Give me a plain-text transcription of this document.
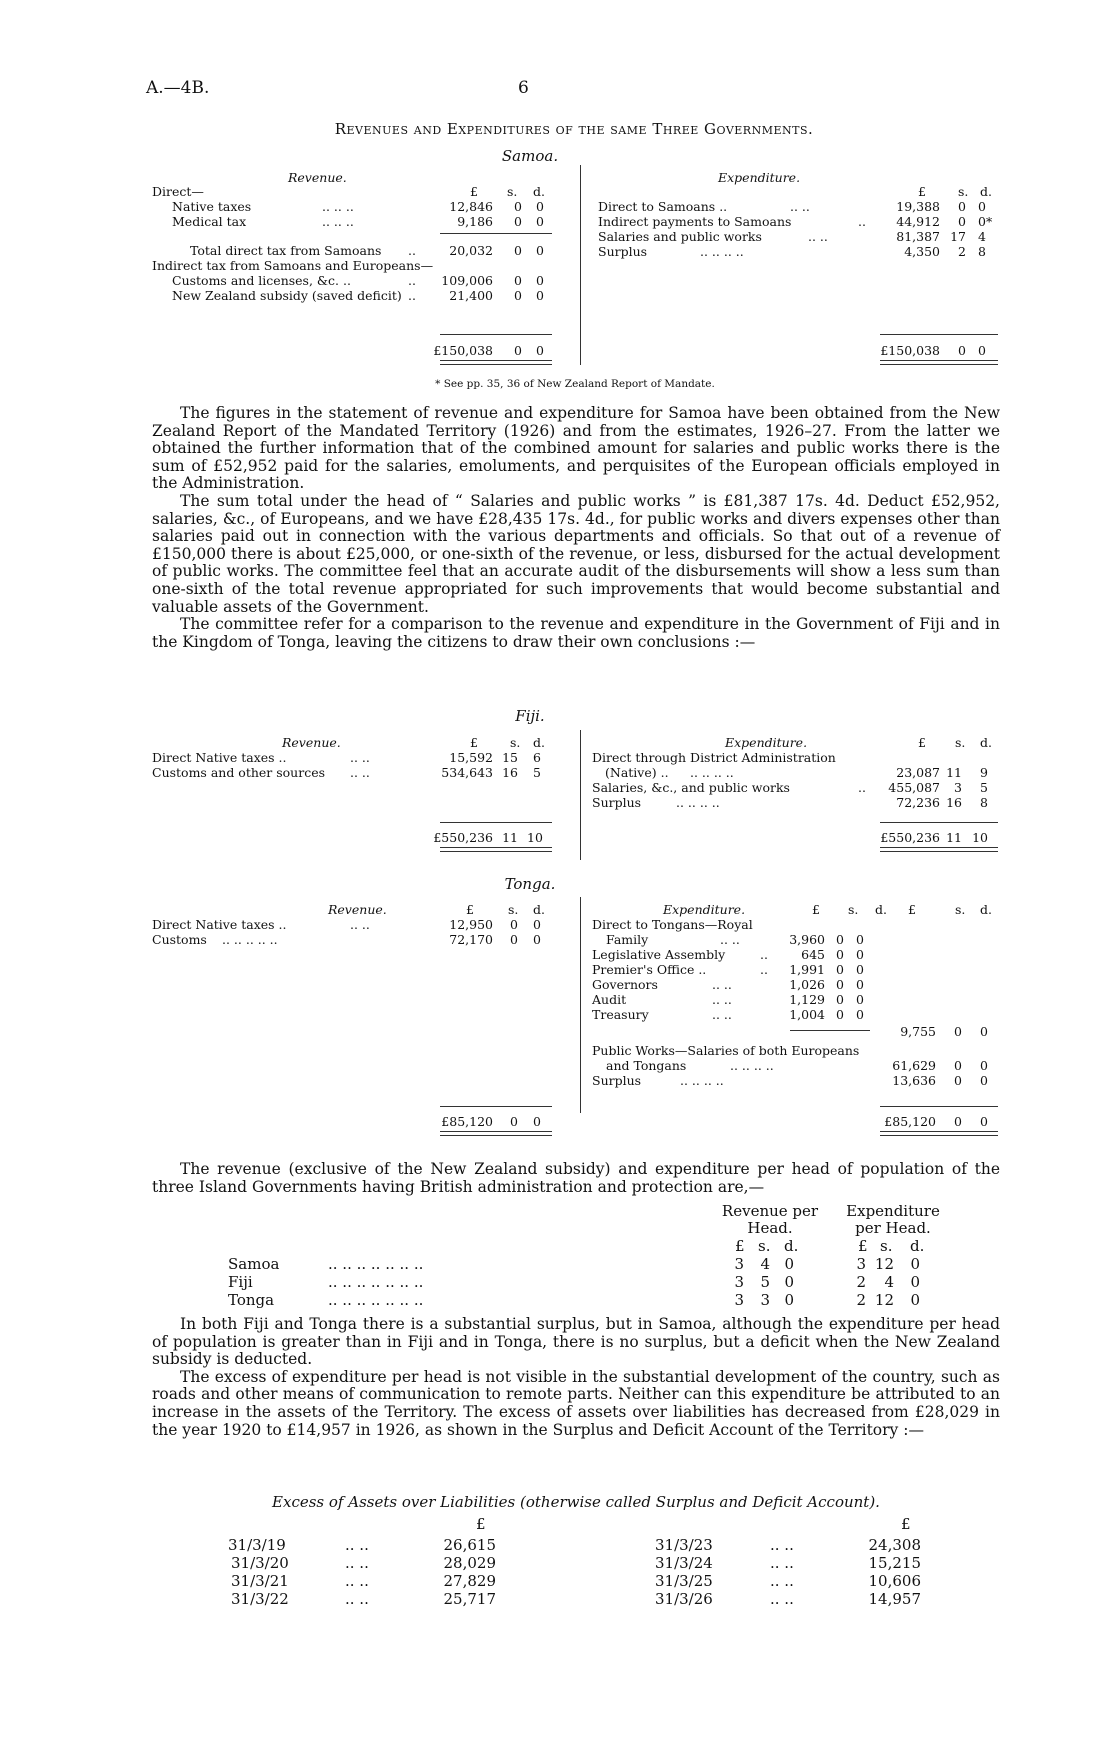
A.—4B.	6
Revenues and Expenditures of the same Three Governments.
Samoa.
Revenue.	Expenditure.
Direct—	£ s. d.
Native taxes	.. .. ..	12,846	0	0
Medical tax	.. .. ..	9,186	0	0
Total direct tax from Samoans ..	20,032	0	0
Indirect tax from Samoans and Europeans—
Customs and licenses, &c. ..	..	109,006	0	0
New Zealand subsidy (saved deficit) ..	21,400	0	0
£150,038	0	0
£	s. d.
Direct to Samoans ..	.. ..	19,388	0 0
Indirect payments to Samoans	..	44,912	0 0*
Salaries and public works	.. ..	81,387 17 4
Surplus	.. .. .. ..	4,350	2 8
£150,038	0 0
* See pp. 35, 36 of New Zealand Report of Mandate.

The figures in the statement of revenue and expenditure for Samoa have been obtained from the New Zealand Report of the Mandated Territory (1926) and from the estimates, 1926–27. From the latter we obtained the further information that of the combined amount for salaries and public works there is the sum of £52,952 paid for the salaries, emoluments, and perquisites of the European officials employed in the Administration.

The sum total under the head of “ Salaries and public works ” is £81,387 17s. 4d. Deduct £52,952, salaries, &c., of Europeans, and we have £28,435 17s. 4d., for public works and divers expenses other than salaries paid out in connection with the various departments and officials. So that out of a revenue of £150,000 there is about £25,000, or one-sixth of the revenue, or less, disbursed for the actual development of public works. The committee feel that an accurate audit of the disbursements will show a less sum than one-sixth of the total revenue appropriated for such improvements that would become substantial and valuable assets of the Government.

The committee refer for a comparison to the revenue and expenditure in the Government of Fiji and in the Kingdom of Tonga, leaving the citizens to draw their own conclusions :—

Fiji.
Revenue.	£	s. d.
Direct Native taxes ..	.. ..	15,592 15	6
Customs and other sources .. ..	534,643 16	5
£550,236 11 10
Expenditure.	£ s. d.
Direct through District Administration
(Native) .. .. .. .. ..	23,087 11	9
Salaries, &c., and public works	..	455,087	3	5
Surplus	.. .. .. ..	72,236 16	8
£550,236 11 10
Tonga.
Revenue.	£	s. d.
Direct Native taxes ..	.. ..	12,950	0	0
Customs .. .. .. .. ..	72,170	0	0
£85,120	0	0
Expenditure.	£ s. d. £	s. d.
Direct to Tongans—Royal
Family	.. ..	3,960 0 0
Legislative Assembly	..	645 0 0
Premier's Office ..	..	1,991 0 0
Governors	.. ..	1,026 0 0
Audit	.. ..	1,129 0 0
Treasury	.. ..	1,004 0 0
9,755	0	0
Public Works—Salaries of both Europeans
and Tongans	.. .. .. ..	61,629	0	0
Surplus	.. .. .. ..	13,636	0	0
£85,120	0	0

The revenue (exclusive of the New Zealand subsidy) and expenditure per head of population of the three Island Governments having British administration and protection are,—

Revenue per
Head.
Expenditure
per Head.
£ s. d.	£ s. d.
Samoa	.. .. .. .. .. .. ..	3	4 0	3 12 0
Fiji	.. .. .. .. .. .. ..	3	5 0	2	4 0
Tonga	.. .. .. .. .. .. ..	3	3 0	2 12 0

In both Fiji and Tonga there is a substantial surplus, but in Samoa, although the expenditure per head of population is greater than in Fiji and in Tonga, there is no surplus, but a deficit when the New Zealand subsidy is deducted.

The excess of expenditure per head is not visible in the substantial development of the country, such as roads and other means of communication to remote parts. Neither can this expenditure be attributed to an increase in the assets of the Territory. The excess of assets over liabilities has decreased from £28,029 in the year 1920 to £14,957 in 1926, as shown in the Surplus and Deficit Account of the Territory :—

Excess of Assets over Liabilities (otherwise called Surplus and Deficit Account).
£	£
31/3/19	.. ..	26,615
31/3/20	.. ..	28,029
31/3/21	.. ..	27,829
31/3/22	.. ..	25,717
31/3/23	.. ..	24,308
31/3/24	.. ..	15,215
31/3/25	.. ..	10,606
31/3/26	.. ..	14,957
